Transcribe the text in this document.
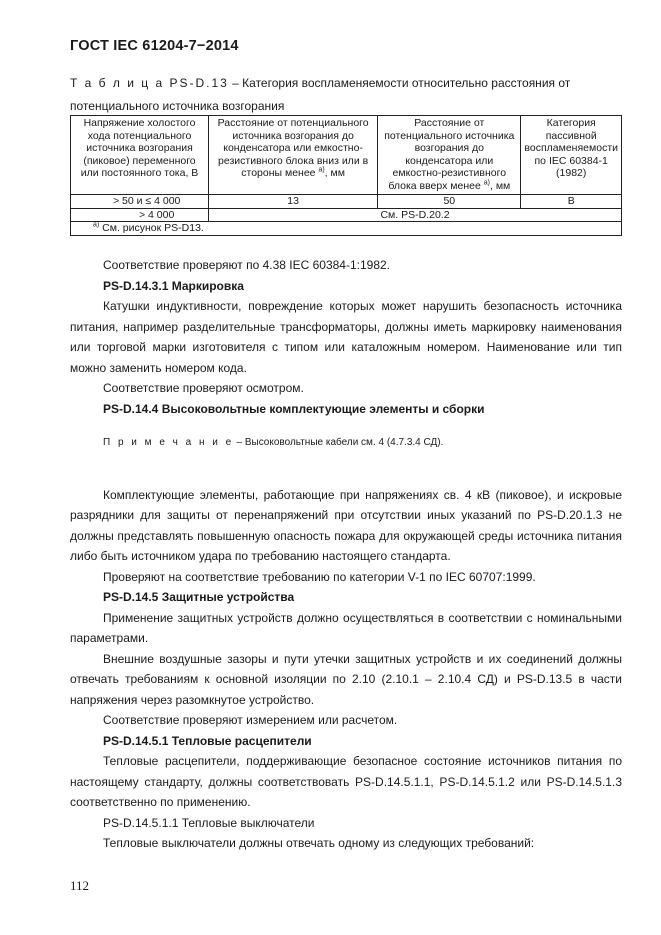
ГОСТ IEC 61204-7−2014
Т а б л и ц а PS-D.13 – Категория воспламеняемости относительно расстояния от потенциального источника возгорания
Напряжение холостого хода потенциального источника возгорания (пиковое) переменного или постоянного тока, В	Расстояние от потенциального источника возгорания до конденсатора или емкостно-резистивного блока вниз или в стороны менее $^{a)}$, мм	Расстояние от потенциального источника возгорания до конденсатора или емкостно-резистивного блока вверх менее $^{a)}$, мм	Категория пассивной воспламеняемости по IEC 60384-1 (1982)
> 50 и ≤ 4 000	13	50	B
> 4 000	См. PS-D.20.2		
$^{a)}$ См. рисунок PS-D13.			

Соответствие проверяют по 4.38 IEC 60384-1:1982.

PS-D.14.3.1 Маркировка

Катушки индуктивности, повреждение которых может нарушить безопасность источника питания, например разделительные трансформаторы, должны иметь маркировку наименования или торговой марки изготовителя с типом или каталожным номером. Наименование или тип можно заменить номером кода.

Соответствие проверяют осмотром.

PS-D.14.4 Высоковольтные комплектующие элементы и сборки

П р и м е ч а н и е – Высоковольтные кабели см. 4 (4.7.3.4 СД).

Комплектующие элементы, работающие при напряжениях св. 4 кВ (пиковое), и искровые разрядники для защиты от перенапряжений при отсутствии иных указаний по PS-D.20.1.3 не должны представлять повышенную опасность пожара для окружающей среды источника питания либо быть источником удара по требованию настоящего стандарта.

Проверяют на соответствие требованию по категории V-1 по IEC 60707:1999.

PS-D.14.5 Защитные устройства

Применение защитных устройств должно осуществляться в соответствии с номинальными параметрами.

Внешние воздушные зазоры и пути утечки защитных устройств и их соединений должны отвечать требованиям к основной изоляции по 2.10 (2.10.1 – 2.10.4 СД) и PS-D.13.5 в части напряжения через разомкнутое устройство.

Соответствие проверяют измерением или расчетом.

PS-D.14.5.1 Тепловые расцепители

Тепловые расцепители, поддерживающие безопасное состояние источников питания по настоящему стандарту, должны соответствовать PS-D.14.5.1.1, PS-D.14.5.1.2 или PS-D.14.5.1.3 соответственно по применению.

PS-D.14.5.1.1 Тепловые выключатели

Тепловые выключатели должны отвечать одному из следующих требований:

112
